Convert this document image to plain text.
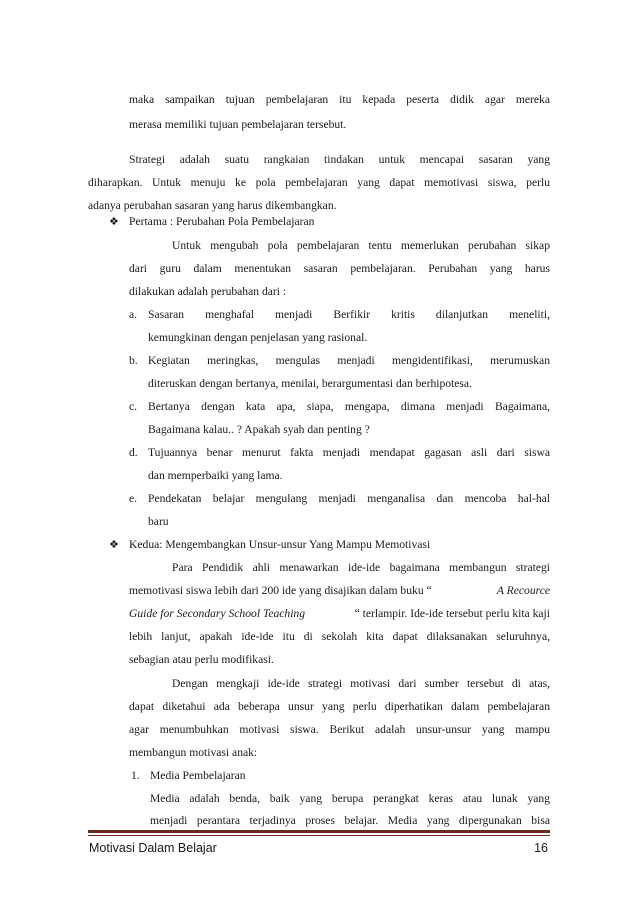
maka sampaikan tujuan pembelajaran itu kepada peserta didik agar mereka
merasa memiliki tujuan pembelajaran tersebut.
Strategi adalah suatu rangkaian tindakan untuk mencapai sasaran yang
diharapkan. Untuk menuju ke pola pembelajaran yang dapat memotivasi siswa, perlu
adanya perubahan sasaran yang harus dikembangkan.
❖ Pertama : Perubahan Pola Pembelajaran
Untuk mengubah pola pembelajaran tentu memerlukan perubahan sikap
dari guru dalam menentukan sasaran pembelajaran. Perubahan yang harus
dilakukan adalah perubahan dari :
a. Sasaran menghafal menjadi Berfikir kritis dilanjutkan meneliti,
kemungkinan dengan penjelasan yang rasional.
b. Kegiatan meringkas, mengulas menjadi mengidentifikasi, merumuskan
diteruskan dengan bertanya, menilai, berargumentasi dan berhipotesa.
c. Bertanya dengan kata apa, siapa, mengapa, dimana menjadi Bagaimana,
Bagaimana kalau.. ? Apakah syah dan penting ?
d. Tujuannya benar menurut fakta menjadi mendapat gagasan asli dari siswa
dan memperbaiki yang lama.
e. Pendekatan belajar mengulang menjadi menganalisa dan mencoba hal-hal
baru
❖ Kedua: Mengembangkan Unsur-unsur Yang Mampu Memotivasi
Para Pendidik ahli menawarkan ide-ide bagaimana membangun strategi
memotivasi siswa lebih dari 200 ide yang disajikan dalam buku “	A Recource
Guide for Secondary School Teaching	“ terlampir. Ide-ide tersebut perlu kita kaji
lebih lanjut, apakah ide-ide itu di sekolah kita dapat dilaksanakan seluruhnya,
sebagian atau perlu modifikasi.
Dengan mengkaji ide-ide strategi motivasi dari sumber tersebut di atas,
dapat diketahui ada beberapa unsur yang perlu diperhatikan dalam pembelajaran
agar menumbuhkan motivasi siswa. Berikut adalah unsur-unsur yang mampu
membangun motivasi anak:
1. Media Pembelajaran
Media adalah benda, baik yang berupa perangkat keras atau lunak yang
menjadi perantara terjadinya proses belajar. Media yang dipergunakan bisa
Motivasi Dalam Belajar	16
